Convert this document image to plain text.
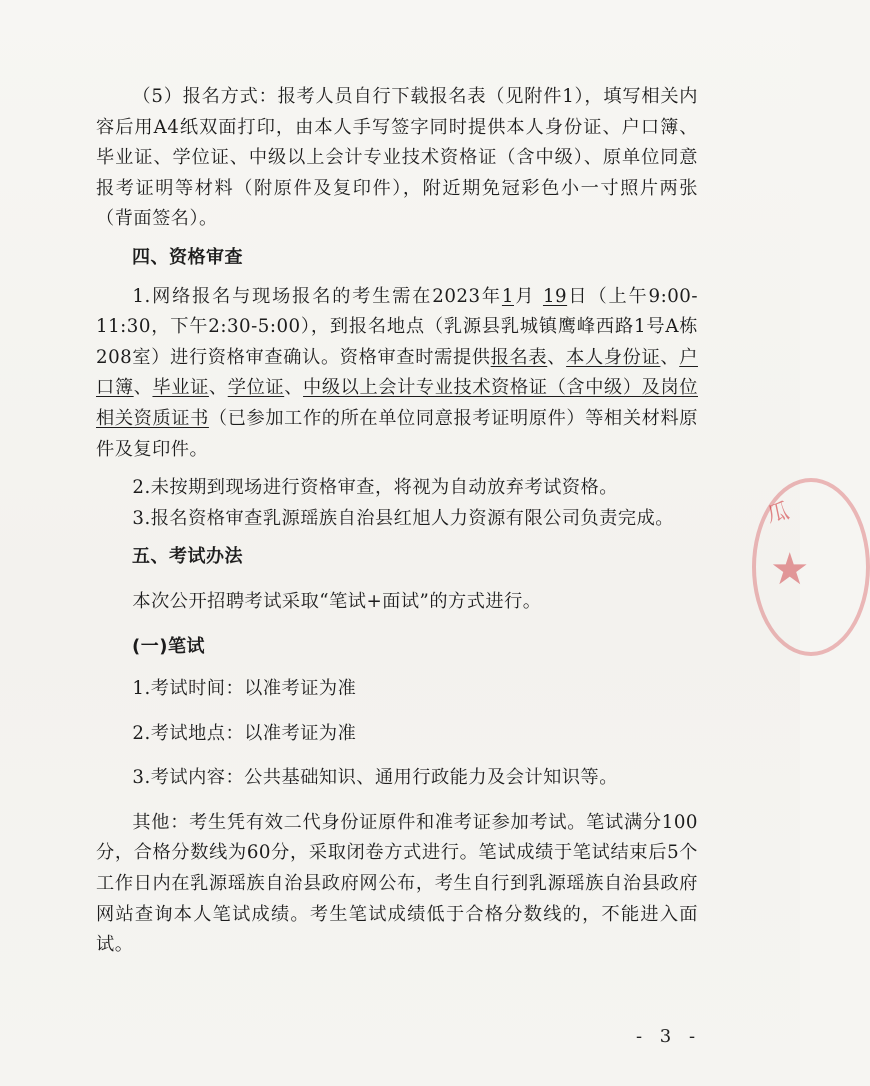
（5）报名方式：报考人员自行下载报名表（见附件1），填写相关内容后用A4纸双面打印，由本人手写签字同时提供本人身份证、户口簿、毕业证、学位证、中级以上会计专业技术资格证（含中级）、原单位同意报考证明等材料（附原件及复印件），附近期免冠彩色小一寸照片两张（背面签名）。

四、资格审查

1.网络报名与现场报名的考生需在2023年1月 19日（上午9:00-11:30，下午2:30-5:00），到报名地点（乳源县乳城镇鹰峰西路1号A栋208室）进行资格审查确认。资格审查时需提供报名表、本人身份证、户口簿、毕业证、学位证、中级以上会计专业技术资格证（含中级）及岗位相关资质证书（已参加工作的所在单位同意报考证明原件）等相关材料原件及复印件。

2.未按期到现场进行资格审查，将视为自动放弃考试资格。

3.报名资格审查乳源瑶族自治县红旭人力资源有限公司负责完成。

五、考试办法

本次公开招聘考试采取“笔试+面试”的方式进行。

(一)笔试

1.考试时间：以准考证为准

2.考试地点：以准考证为准

3.考试内容：公共基础知识、通用行政能力及会计知识等。

其他：考生凭有效二代身份证原件和准考证参加考试。笔试满分100分，合格分数线为60分，采取闭卷方式进行。笔试成绩于笔试结束后5个工作日内在乳源瑶族自治县政府网公布，考生自行到乳源瑶族自治县政府网站查询本人笔试成绩。考生笔试成绩低于合格分数线的，不能进入面试。

瓜
★
- 3 -
